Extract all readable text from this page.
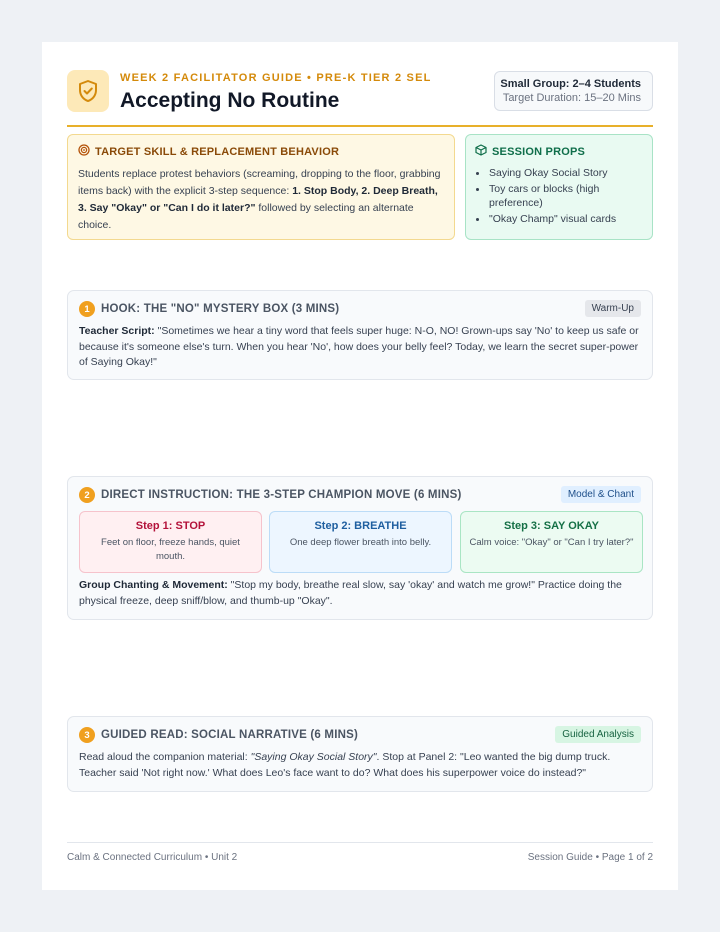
WEEK 2 FACILITATOR GUIDE • PRE-K TIER 2 SEL
Accepting No Routine
Small Group: 2–4 Students
Target Duration: 15–20 Mins
TARGET SKILL & REPLACEMENT BEHAVIOR
Students replace protest behaviors (screaming, dropping to the floor, grabbing items back) with the explicit 3-step sequence: 1. Stop Body, 2. Deep Breath, 3. Say "Okay" or "Can I do it later?" followed by selecting an alternate choice.
SESSION PROPS
Saying Okay Social Story
Toy cars or blocks (high preference)
"Okay Champ" visual cards
1 HOOK: THE "NO" MYSTERY BOX (3 MINS)	Warm-Up
Teacher Script: "Sometimes we hear a tiny word that feels super huge: N-O, NO! Grown-ups say 'No' to keep us safe or because it's someone else's turn. When you hear 'No', how does your belly feel? Today, we learn the secret super-power of Saying Okay!"
2 DIRECT INSTRUCTION: THE 3-STEP CHAMPION MOVE (6 MINS)	Model & Chant
Step 1: STOP
Feet on floor, freeze hands, quiet mouth.
Step 2: BREATHE
One deep flower breath into belly.
Step 3: SAY OKAY
Calm voice: "Okay" or "Can I try later?"
Group Chanting & Movement: "Stop my body, breathe real slow, say 'okay' and watch me grow!" Practice doing the physical freeze, deep sniff/blow, and thumb-up "Okay".
3 GUIDED READ: SOCIAL NARRATIVE (6 MINS)	Guided Analysis
Read aloud the companion material: "Saying Okay Social Story". Stop at Panel 2: "Leo wanted the big dump truck. Teacher said 'Not right now.' What does Leo's face want to do? What does his superpower voice do instead?"
Calm & Connected Curriculum • Unit 2	Session Guide • Page 1 of 2
